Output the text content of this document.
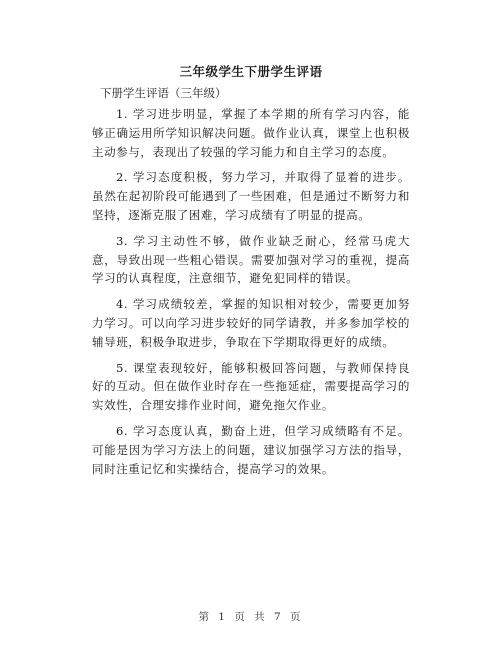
三年级学生下册学生评语

下册学生评语（三年级）

1. 学习进步明显，掌握了本学期的所有学习内容，能够正确运用所学知识解决问题。做作业认真，课堂上也积极主动参与，表现出了较强的学习能力和自主学习的态度。

2. 学习态度积极，努力学习，并取得了显着的进步。虽然在起初阶段可能遇到了一些困难，但是通过不断努力和坚持，逐渐克服了困难，学习成绩有了明显的提高。

3. 学习主动性不够，做作业缺乏耐心，经常马虎大意，导致出现一些粗心错误。需要加强对学习的重视，提高学习的认真程度，注意细节，避免犯同样的错误。

4. 学习成绩较差，掌握的知识相对较少，需要更加努力学习。可以向学习进步较好的同学请教，并多参加学校的辅导班，积极争取进步，争取在下学期取得更好的成绩。

5. 课堂表现较好，能够积极回答问题，与教师保持良好的互动。但在做作业时存在一些拖延症，需要提高学习的实效性，合理安排作业时间，避免拖欠作业。

6. 学习态度认真，勤奋上进，但学习成绩略有不足。可能是因为学习方法上的问题，建议加强学习方法的指导，同时注重记忆和实操结合，提高学习的效果。

第 1 页 共 7 页
